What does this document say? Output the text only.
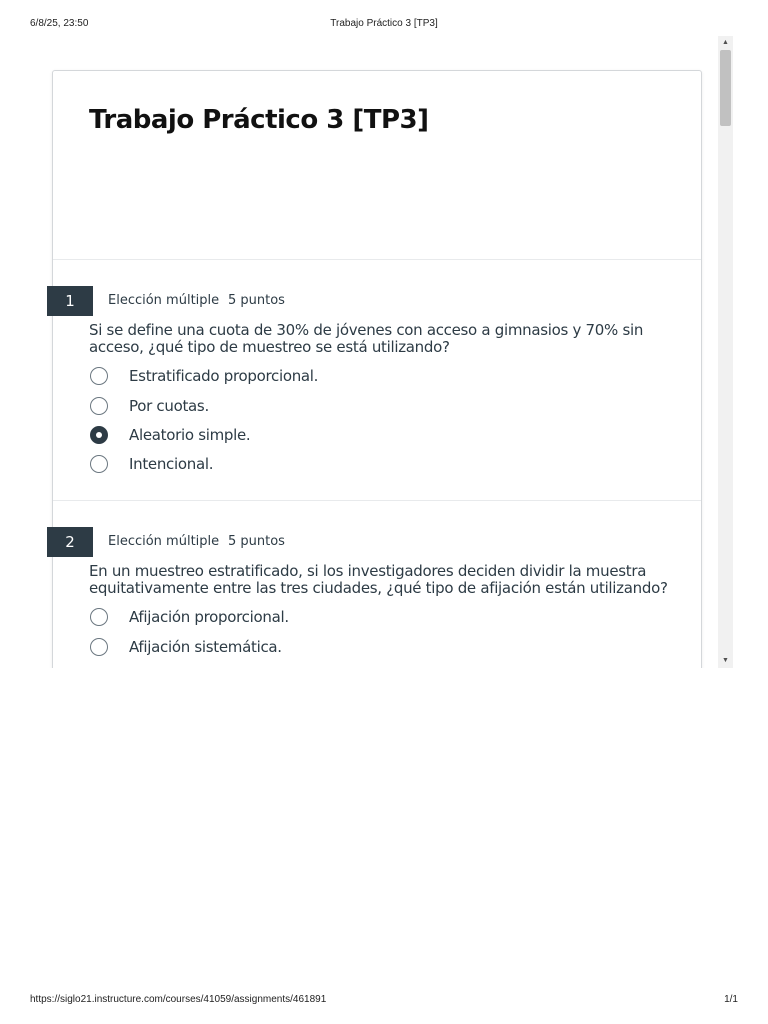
6/8/25, 23:50	Trabajo Práctico 3 [TP3]
Trabajo Práctico 3 [TP3]
1	Elección múltiple 5 puntos

Si se define una cuota de 30% de jóvenes con acceso a gimnasios y 70% sin acceso, ¿qué tipo de muestreo se está utilizando?

Estratificado proporcional.
Por cuotas.
Aleatorio simple.
Intencional.
2	Elección múltiple 5 puntos

En un muestreo estratificado, si los investigadores deciden dividir la muestra equitativamente entre las tres ciudades, ¿qué tipo de afijación están utilizando?

Afijación proporcional.
Afijación sistemática.
▲
▼
https://siglo21.instructure.com/courses/41059/assignments/461891	1/1
